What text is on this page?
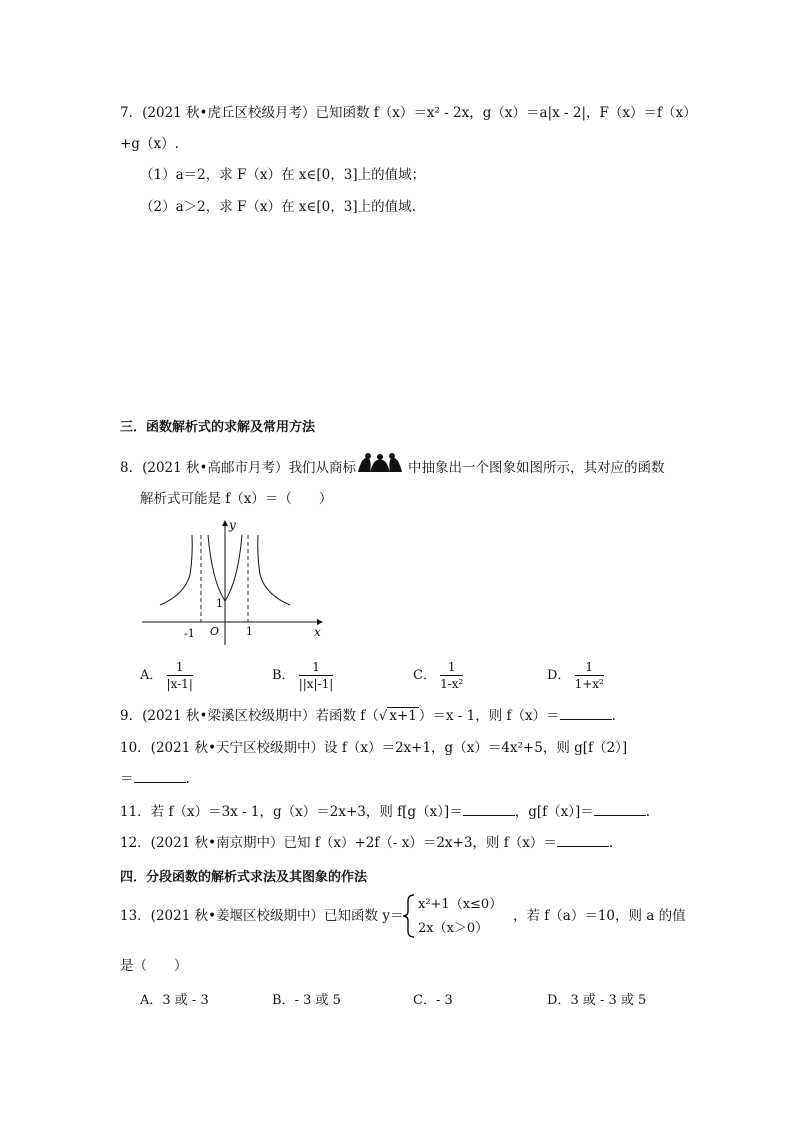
7．(2021 秋•虎丘区校级月考）已知函数 f（x）＝x² - 2x，g（x）＝a|x - 2|，F（x）＝f（x）
+g（x）.
（1）a＝2，求 F（x）在 x∈[0，3]上的值域；
（2）a＞2，求 F（x）在 x∈[0，3]上的值域.
三．函数解析式的求解及常用方法
8．(2021 秋•高邮市月考）我们从商标	中抽象出一个图象如图所示，其对应的函数
解析式可能是 f（x）＝（　　）
y
x
O
-1	1
1
A． $\frac{1}{|x-1|}$	B． $\frac{1}{||x|-1|}$	C． $\frac{1}{\text{1-x²}}$	D． $\frac{1}{\text{1+x²}}$
9．(2021 秋•梁溪区校级期中）若函数 f（√ x+1 ）＝x - 1，则 f（x）＝	.
10．(2021 秋•天宁区校级期中）设 f（x）＝2x+1，g（x）＝4x²+5，则 g[f（2）]
＝	.
11．若 f（x）＝3x - 1，g（x）＝2x+3，则 f[g（x）]＝	，g[f（x）]＝	.
12．(2021 秋•南京期中）已知 f（x）+2f（- x）＝2x+3，则 f（x）＝	.
四．分段函数的解析式求法及其图象的作法
13．(2021 秋•姜堰区校级期中）已知函数 y＝
x²+1（x≤0）
2x（x＞0）
，若 f（a）＝10，则 a 的值
是（　　）
A．3 或 - 3	B．- 3 或 5	C．- 3	D．3 或 - 3 或 5
